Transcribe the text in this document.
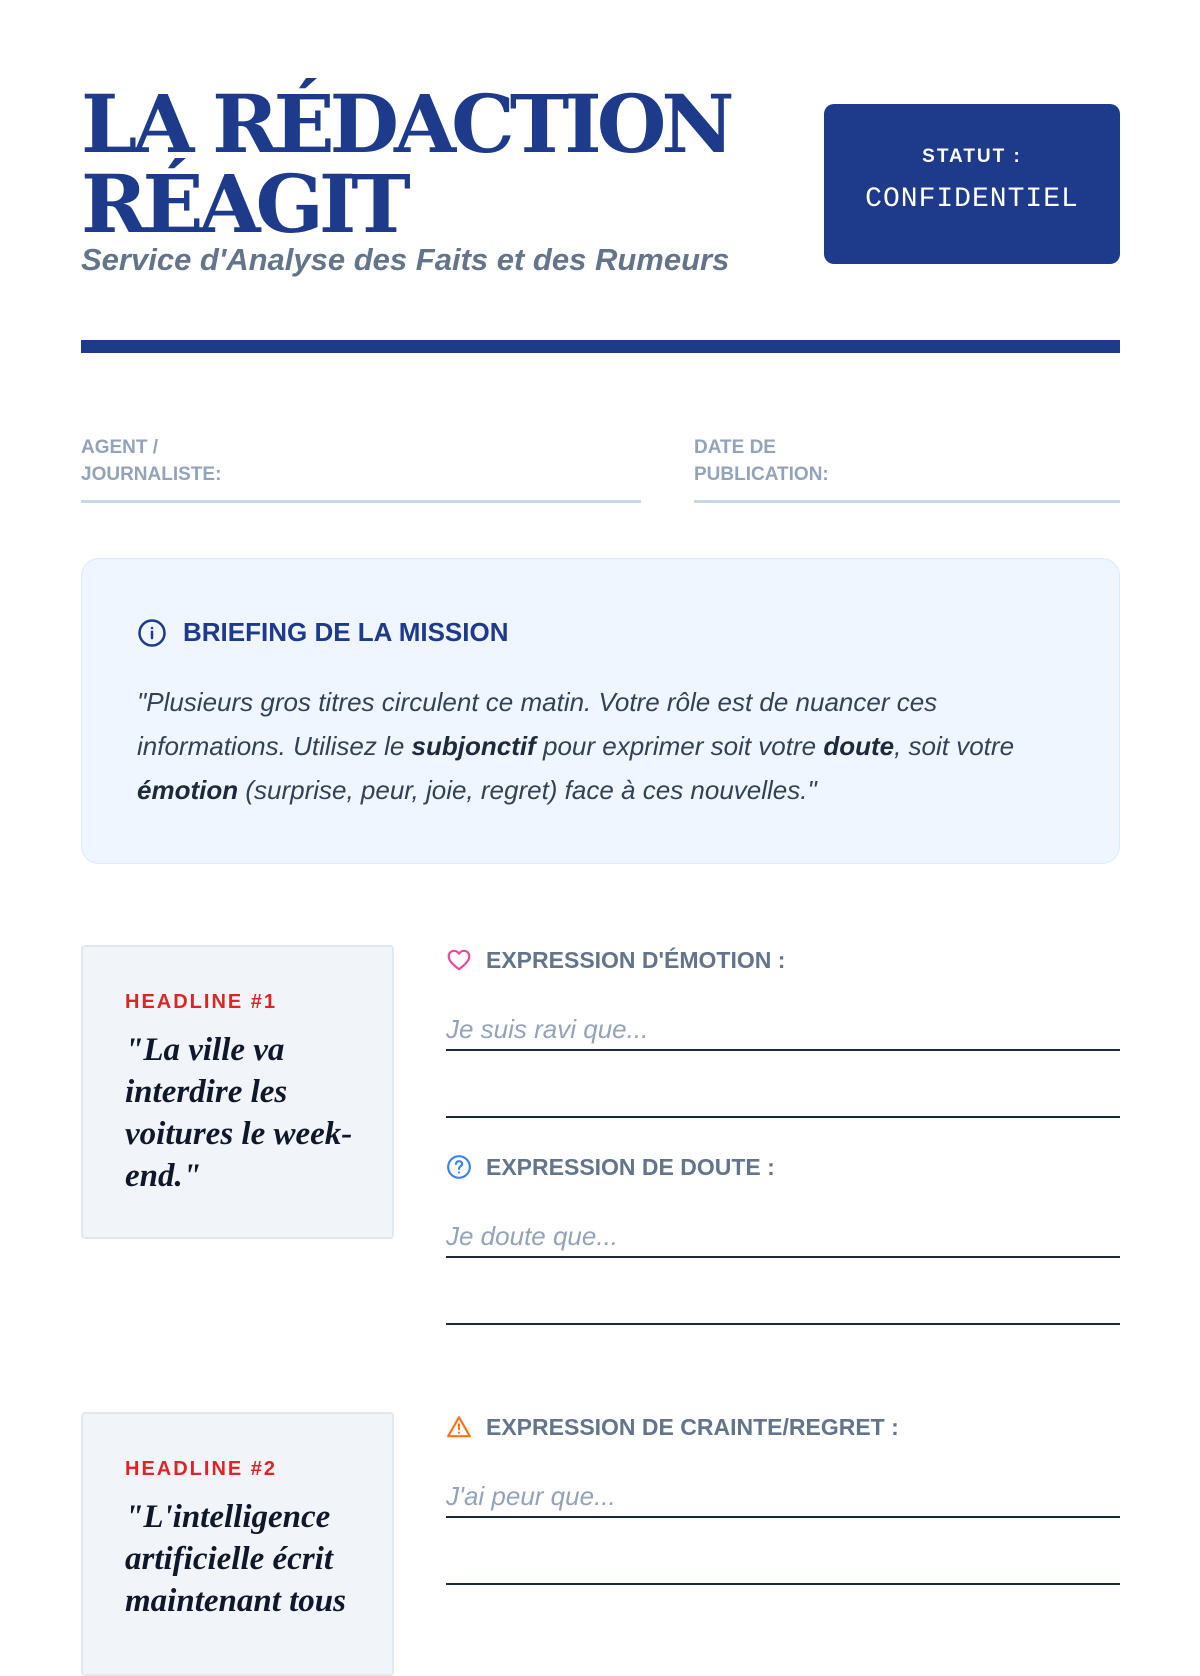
LA RÉDACTION
RÉAGIT
Service d'Analyse des Faits et des Rumeurs
STATUT :
CONFIDENTIEL
AGENT /
JOURNALISTE:
DATE DE
PUBLICATION:
BRIEFING DE LA MISSION

"Plusieurs gros titres circulent ce matin. Votre rôle est de nuancer ces informations. Utilisez le subjonctif pour exprimer soit votre doute, soit votre émotion (surprise, peur, joie, regret) face à ces nouvelles."

HEADLINE #1

"La ville va interdire les voitures le week-end."

EXPRESSION D'ÉMOTION :
Je suis ravi que...
EXPRESSION DE DOUTE :
Je doute que...
HEADLINE #2

"L'intelligence artificielle écrit maintenant tous

EXPRESSION DE CRAINTE/REGRET :
J'ai peur que...
